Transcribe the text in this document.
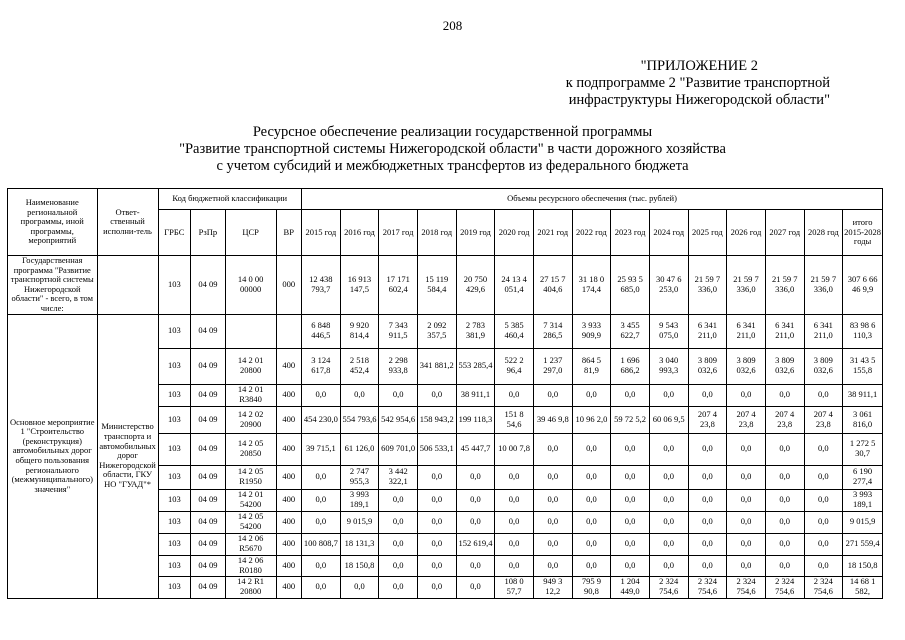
208
"ПРИЛОЖЕНИЕ 2
к подпрограмме 2 "Развитие транспортной
инфраструктуры Нижегородской области"
Ресурсное обеспечение реализации государственной программы
"Развитие транспортной системы Нижегородской области" в части дорожного хозяйства
с учетом субсидий и межбюджетных трансфертов из федерального бюджета
Наименование региональной программы, иной программы, мероприятий	Ответ-ственный исполни-тель	Код бюджетной классификации				Объемы ресурсного обеспечения (тыс. рублей)														
		ГРБС	РзПр	ЦСР	ВР	2015 год	2016 год	2017 год	2018 год	2019 год	2020 год	2021 год	2022 год	2023 год	2024 год	2025 год	2026 год	2027 год	2028 год	итого 2015-2028 годы
Государственная программа "Развитие транспортной системы Нижегородской области" - всего, в том числе:		103	04 09	14 0 00 00000	000	12 438 793,7	16 913 147,5	17 171 602,4	15 119 584,4	20 750 429,6	24 13 4 051,4	27 15 7 404,6	31 18 0 174,4	25 93 5 685,0	30 47 6 253,0	21 59 7 336,0	21 59 7 336,0	21 59 7 336,0	21 59 7 336,0	307 6 66 46 9,9
Основное мероприятие 1 "Строительство (реконструкция) автомобильных дорог общего пользования регионального (межмуниципального) значения"	Министерство транспорта и автомобильных дорог Нижегородской области, ГКУ НО "ГУАД"*	103	04 09			6 848 446,5	9 920 814,4	7 343 911,5	2 092 357,5	2 783 381,9	5 385 460,4	7 314 286,5	3 933 909,9	3 455 622,7	9 543 075,0	6 341 211,0	6 341 211,0	6 341 211,0	6 341 211,0	83 98 6 110,3
		103	04 09	14 2 01 20800	400	3 124 617,8	2 518 452,4	2 298 933,8	341 881,2	553 285,4	522 2 96,4	1 237 297,0	864 5 81,9	1 696 686,2	3 040 993,3	3 809 032,6	3 809 032,6	3 809 032,6	3 809 032,6	31 43 5 155,8
		103	04 09	14 2 01 R3840	400	0,0	0,0	0,0	0,0	38 911,1	0,0	0,0	0,0	0,0	0,0	0,0	0,0	0,0	0,0	38 911,1
		103	04 09	14 2 02 20900	400	454 230,0	554 793,6	542 954,6	158 943,2	199 118,3	151 8 54,6	39 46 9,8	10 96 2,0	59 72 5,2	60 06 9,5	207 4 23,8	207 4 23,8	207 4 23,8	207 4 23,8	3 061 816,0
		103	04 09	14 2 05 20850	400	39 715,1	61 126,0	609 701,0	506 533,1	45 447,7	10 00 7,8	0,0	0,0	0,0	0,0	0,0	0,0	0,0	0,0	1 272 5 30,7
		103	04 09	14 2 05 R1950	400	0,0	2 747 955,3	3 442 322,1	0,0	0,0	0,0	0,0	0,0	0,0	0,0	0,0	0,0	0,0	0,0	6 190 277,4
		103	04 09	14 2 01 54200	400	0,0	3 993 189,1	0,0	0,0	0,0	0,0	0,0	0,0	0,0	0,0	0,0	0,0	0,0	0,0	3 993 189,1
		103	04 09	14 2 05 54200	400	0,0	9 015,9	0,0	0,0	0,0	0,0	0,0	0,0	0,0	0,0	0,0	0,0	0,0	0,0	9 015,9
		103	04 09	14 2 06 R5670	400	100 808,7	18 131,3	0,0	0,0	152 619,4	0,0	0,0	0,0	0,0	0,0	0,0	0,0	0,0	0,0	271 559,4
		103	04 09	14 2 06 R0180	400	0,0	18 150,8	0,0	0,0	0,0	0,0	0,0	0,0	0,0	0,0	0,0	0,0	0,0	0,0	18 150,8
		103	04 09	14 2 R1 20800	400	0,0	0,0	0,0	0,0	0,0	108 0 57,7	949 3 12,2	795 9 90,8	1 204 449,0	2 324 754,6	2 324 754,6	2 324 754,6	2 324 754,6	2 324 754,6	14 68 1 582,
